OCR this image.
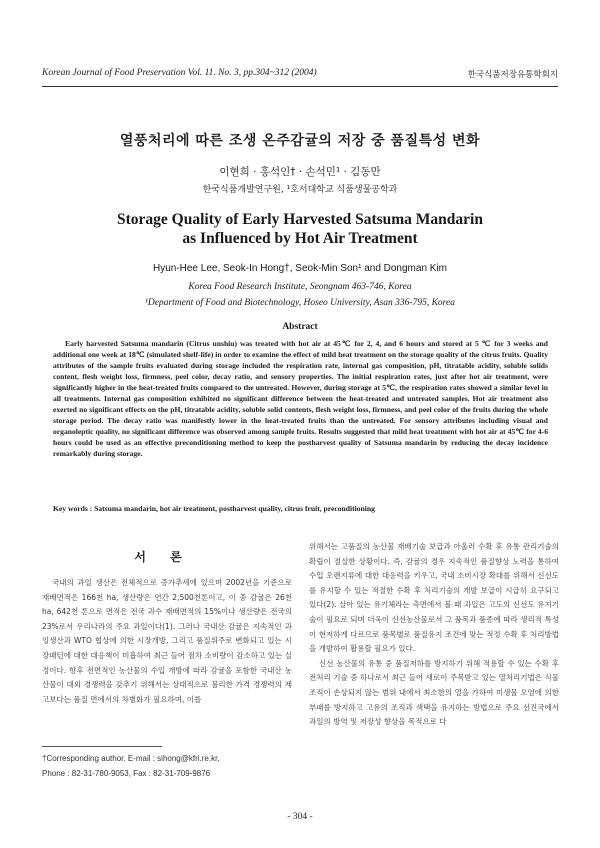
Korean Journal of Food Preservation Vol. 11. No. 3, pp.304~312 (2004)	한국식품저장유통학회지
열풍처리에 따른 조생 온주감귤의 저장 중 품질특성 변화
이현희 · 홍석인† · 손석민¹ · 김동만
한국식품개발연구원, ¹호서대학교 식품생물공학과
Storage Quality of Early Harvested Satsuma Mandarin
as Influenced by Hot Air Treatment
Hyun-Hee Lee, Seok-In Hong†, Seok-Min Son¹ and Dongman Kim
Korea Food Research Institute, Seongnam 463-746, Korea
¹Department of Food and Biotechnology, Hoseo University, Asan 336-795, Korea
Abstract
Early harvested Satsuma mandarin (Citrus unshiu) was treated with hot air at 45℃ for 2, 4, and 6 hours and stored at 5 ℃ for 3 weeks and additional one week at 18℃ (simulated shelf-life) in order to examine the effect of mild heat treatment on the storage quality of the citrus fruits. Quality attributes of the sample fruits evaluated during storage included the respiration rate, internal gas composition, pH, titratable acidity, soluble solids content, flesh weight loss, firmness, peel color, decay ratio, and sensory properties. The initial respiration rates, just after hot air treatment, were significantly higher in the heat-treated fruits compared to the untreated. However, during storage at 5℃, the respiration rates showed a similar level in all treatments. Internal gas composition exhibited no significant difference between the heat-treated and untreated samples. Hot air treatment also exerted no significant effects on the pH, titratable acidity, soluble solid contents, flesh weight loss, firmness, and peel color of the fruits during the whole storage period. The decay ratio was manifestly lower in the heat-treated fruits than the untreated. For sensory attributes including visual and organoleptic quality, no significant difference was observed among sample fruits. Results suggested that mild heat treatment with hot air at 45℃ for 4-6 hours could be used as an effective preconditioning method to keep the postharvest quality of Satsuma mandarin by reducing the decay incidence remarkably during storage.
Key words : Satsuma mandarin, hot air treatment, postharvest quality, citrus fruit, preconditioning
서 론

국내의 과일 생산은 전체적으로 증가추세에 있으며 2002년을 기준으로 재배면적은 166천 ha, 생산량은 연간 2,500천톤이고, 이 중 감귤은 26천 ha, 642천 톤으로 면적은 전국 과수 재배면적의 15%이나 생산량은 전국의 23%로서 우리나라의 주요 과일이다(1). 그러나 국내산 감귤은 지속적인 과잉생산과 WTO 협상에 의한 시장개방, 그리고 품질위주로 변화되고 있는 시장패턴에 대한 대응책이 미흡하여 최근 들어 점차 소비량이 감소하고 있는 실정이다. 향후 전면적인 농산물의 수입 개방에 따라 감귤을 포함한 국내산 농산물이 대외 경쟁력을 갖추기 위해서는 상대적으로 불리한 가격 경쟁력의 제고보다는 품질 면에서의 차별화가 필요하며, 이를

위해서는 고품질의 농산물 재배기술 보급과 아울러 수확 후 유통 관리기술의 확립이 절실한 상황이다. 즉, 감귤의 경우 지속적인 품질향상 노력을 통하여 수입 오렌지류에 대한 대응력을 키우고, 국내 소비시장 확대를 위해서 신선도를 유지할 수 있는 적절한 수확 후 처리기술의 개발 보급이 시급히 요구되고 있다(2). 살아 있는 유기체라는 측면에서 볼 때 과일은 고도의 신선도 유지기술이 필요로 되며 더욱이 신선농산물로서 그 품목과 품종에 따라 생리적 특성이 현저하게 다르므로 품목별로 품질유지 조건에 맞는 적정 수확 후 처리방법을 개발하여 활용할 필요가 있다.

신선 농산물의 유통 중 품질저하를 방지하기 위해 적용할 수 있는 수확 후 전처리 기술 중 하나로서 최근 들어 새로이 주목받고 있는 열처리기법은 식물조직이 손상되지 않는 범위 내에서 최소한의 열을 가하여 미생물 오염에 의한 부패를 방지하고 고유의 조직과 색택을 유지하는 방법으로 주요 선진국에서 과일의 방역 및 저장성 향상을 목적으로 다

†Corresponding author. E-mail : sihong@kfri.re.kr,
Phone : 82-31-780-9053, Fax : 82-31-709-9876
- 304 -
